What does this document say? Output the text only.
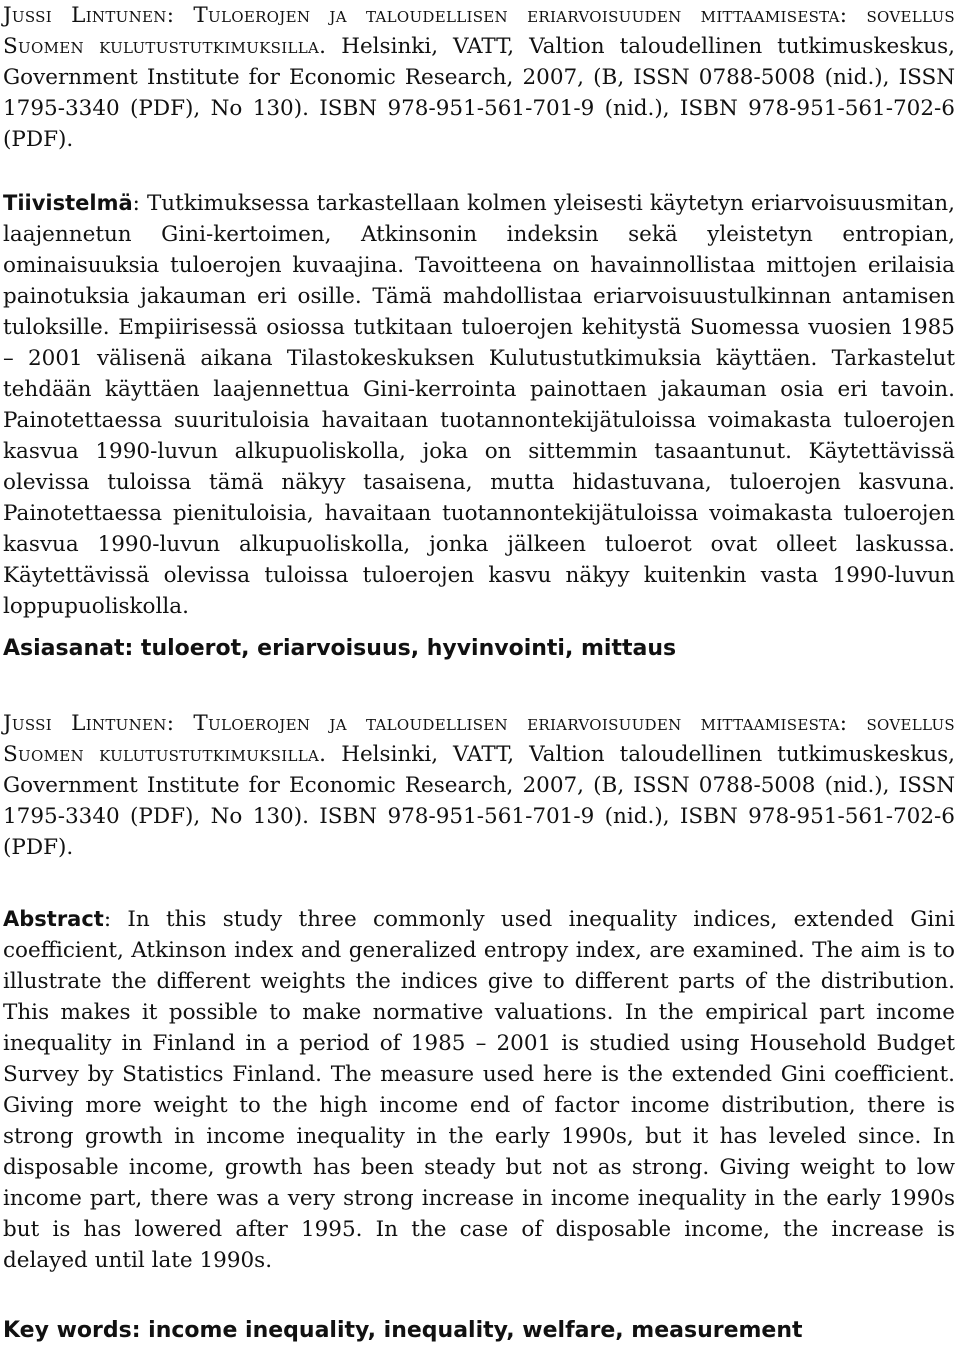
Jussi Lintunen: Tuloerojen ja taloudellisen eriarvoisuuden mittaamisesta: sovellus Suomen kulutustutkimuksilla. Helsinki, VATT, Valtion taloudellinen tutkimuskeskus, Government Institute for Economic Research, 2007, (B, ISSN 0788-5008 (nid.), ISSN 1795-3340 (PDF), No 130). ISBN 978-951-561-701-9 (nid.), ISBN 978-951-561-702-6 (PDF).

Tiivistelmä: Tutkimuksessa tarkastellaan kolmen yleisesti käytetyn eriarvoisuusmitan, laajennetun Gini-kertoimen, Atkinsonin indeksin sekä yleistetyn entropian, ominaisuuksia tuloerojen kuvaajina. Tavoitteena on havainnollistaa mittojen erilaisia painotuksia jakauman eri osille. Tämä mahdollistaa eriarvoisuustulkinnan antamisen tuloksille. Empiirisessä osiossa tutkitaan tuloerojen kehitystä Suomessa vuosien 1985 – 2001 välisenä aikana Tilastokeskuksen Kulutustutkimuksia käyttäen. Tarkastelut tehdään käyttäen laajennettua Gini-kerrointa painottaen jakauman osia eri tavoin. Painotettaessa suurituloisia havaitaan tuotannontekijätuloissa voimakasta tuloerojen kasvua 1990-luvun alkupuoliskolla, joka on sittemmin tasaantunut. Käytettävissä olevissa tuloissa tämä näkyy tasaisena, mutta hidastuvana, tuloerojen kasvuna. Painotettaessa pienituloisia, havaitaan tuotannontekijätuloissa voimakasta tuloerojen kasvua 1990-luvun alkupuoliskolla, jonka jälkeen tuloerot ovat olleet laskussa. Käytettävissä olevissa tuloissa tuloerojen kasvu näkyy kuitenkin vasta 1990-luvun loppupuoliskolla.

Asiasanat: tuloerot, eriarvoisuus, hyvinvointi, mittaus

Jussi Lintunen: Tuloerojen ja taloudellisen eriarvoisuuden mittaamisesta: sovellus Suomen kulutustutkimuksilla. Helsinki, VATT, Valtion taloudellinen tutkimuskeskus, Government Institute for Economic Research, 2007, (B, ISSN 0788-5008 (nid.), ISSN 1795-3340 (PDF), No 130). ISBN 978-951-561-701-9 (nid.), ISBN 978-951-561-702-6 (PDF).

Abstract: In this study three commonly used inequality indices, extended Gini coefficient, Atkinson index and generalized entropy index, are examined. The aim is to illustrate the different weights the indices give to different parts of the distribution. This makes it possible to make normative valuations. In the empirical part income inequality in Finland in a period of 1985 – 2001 is studied using Household Budget Survey by Statistics Finland. The measure used here is the extended Gini coefficient. Giving more weight to the high income end of factor income distribution, there is strong growth in income inequality in the early 1990s, but it has leveled since. In disposable income, growth has been steady but not as strong. Giving weight to low income part, there was a very strong increase in income inequality in the early 1990s but is has lowered after 1995. In the case of disposable income, the increase is delayed until late 1990s.

Key words: income inequality, inequality, welfare, measurement
